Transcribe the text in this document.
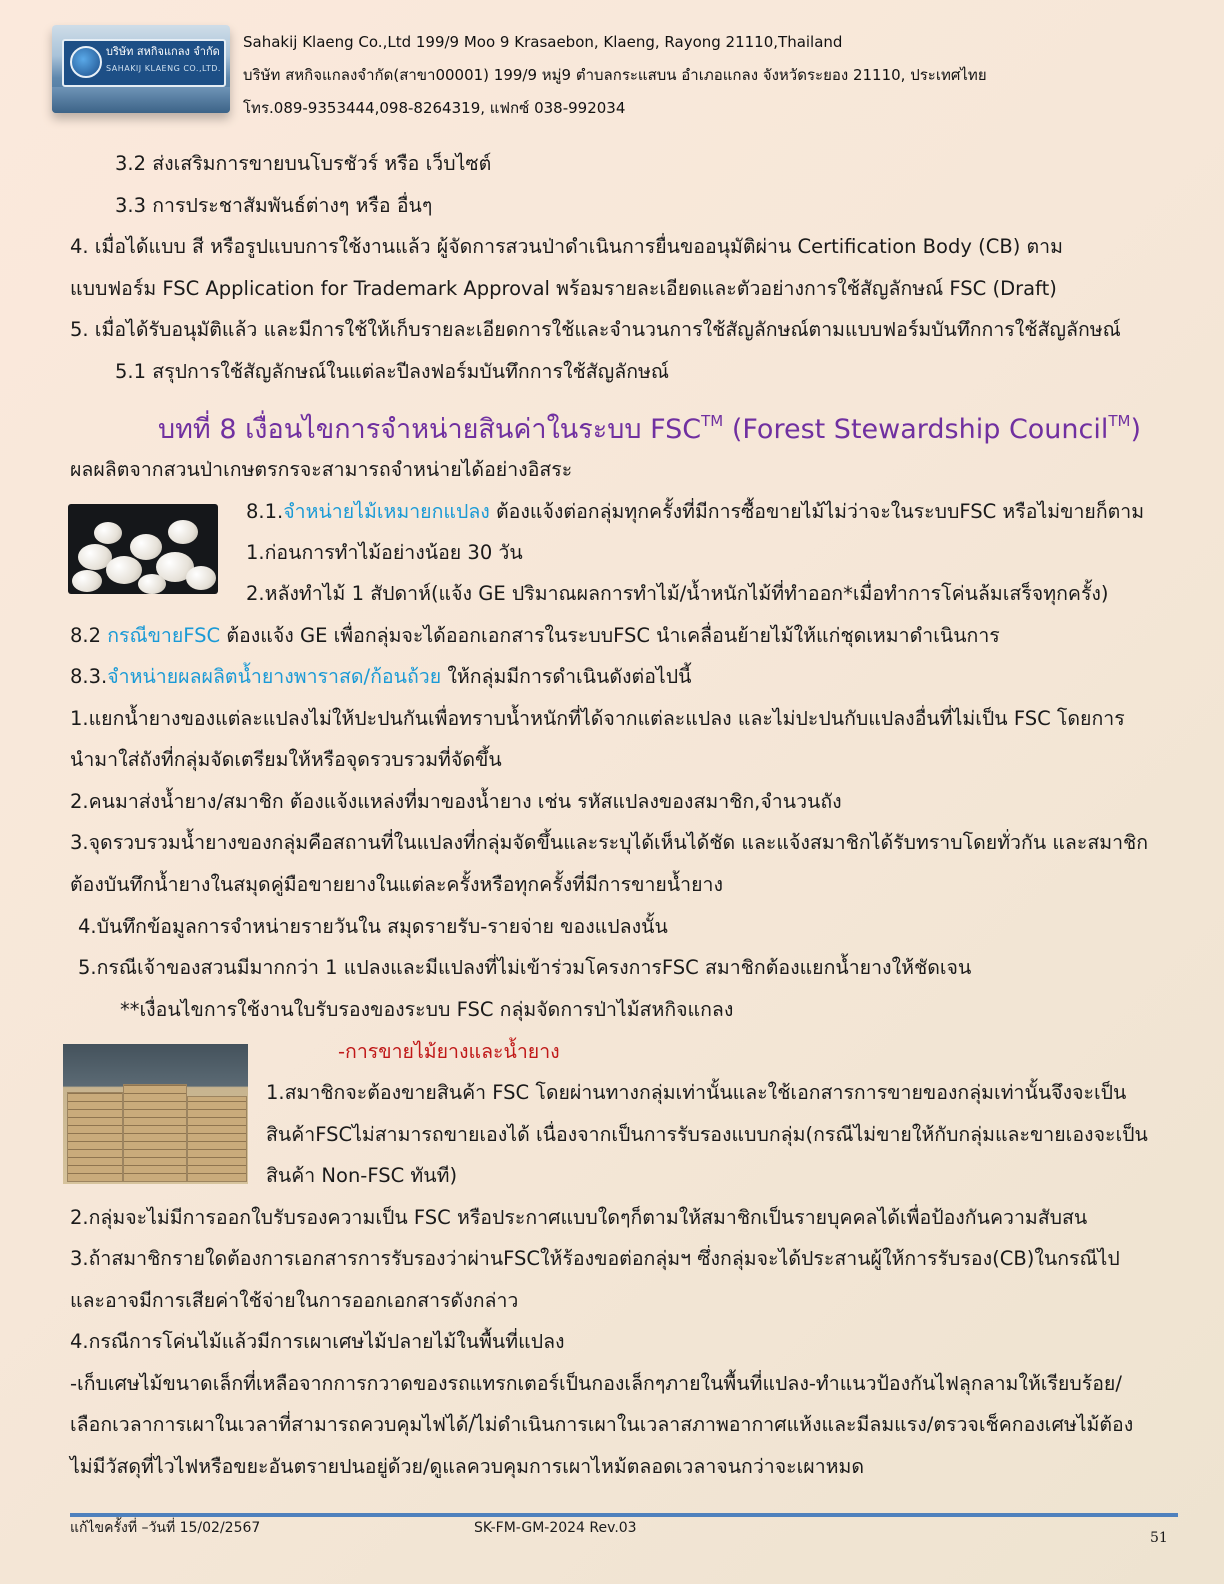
บริษัท สหกิจแกลง จำกัด
SAHAKIJ KLAENG CO.,LTD.
Sahakij Klaeng Co.,Ltd 199/9 Moo 9 Krasaebon, Klaeng, Rayong 21110,Thailand
บริษัท สหกิจแกลงจำกัด(สาขา00001) 199/9 หมู่9 ตำบลกระแสบน อำเภอแกลง จังหวัดระยอง 21110, ประเทศไทย
โทร.089-9353444,098-8264319, แฟกซ์ 038-992034
3.2 ส่งเสริมการขายบนโบรชัวร์ หรือ เว็บไซต์
3.3 การประชาสัมพันธ์ต่างๆ หรือ อื่นๆ
4. เมื่อได้แบบ สี หรือรูปแบบการใช้งานแล้ว ผู้จัดการสวนป่าดำเนินการยื่นขออนุมัติผ่าน Certification Body (CB) ตาม
แบบฟอร์ม FSC Application for Trademark Approval พร้อมรายละเอียดและตัวอย่างการใช้สัญลักษณ์ FSC (Draft)
5. เมื่อได้รับอนุมัติแล้ว และมีการใช้ให้เก็บรายละเอียดการใช้และจำนวนการใช้สัญลักษณ์ตามแบบฟอร์มบันทึกการใช้สัญลักษณ์
5.1 สรุปการใช้สัญลักษณ์ในแต่ละปีลงฟอร์มบันทึกการใช้สัญลักษณ์
บทที่ 8 เงื่อนไขการจำหน่ายสินค่าในระบบ FSC™ (Forest Stewardship Council™)
ผลผลิตจากสวนป่าเกษตรกรจะสามารถจำหน่ายได้อย่างอิสระ
8.1.จำหน่ายไม้เหมายกแปลง ต้องแจ้งต่อกลุ่มทุกครั้งที่มีการซื้อขายไม้ไม่ว่าจะในระบบFSC หรือไม่ขายก็ตาม
1.ก่อนการทำไม้อย่างน้อย 30 วัน
2.หลังทำไม้ 1 สัปดาห์(แจ้ง GE ปริมาณผลการทำไม้/น้ำหนักไม้ที่ทำออก*เมื่อทำการโค่นล้มเสร็จทุกครั้ง)
8.2 กรณีขายFSC ต้องแจ้ง GE เพื่อกลุ่มจะได้ออกเอกสารในระบบFSC นำเคลื่อนย้ายไม้ให้แก่ชุดเหมาดำเนินการ
8.3.จำหน่ายผลผลิตน้ำยางพาราสด/ก้อนถ้วย ให้กลุ่มมีการดำเนินดังต่อไปนี้
1.แยกน้ำยางของแต่ละแปลงไม่ให้ปะปนกันเพื่อทราบน้ำหนักที่ได้จากแต่ละแปลง และไม่ปะปนกับแปลงอื่นที่ไม่เป็น FSC โดยการ
นำมาใส่ถังที่กลุ่มจัดเตรียมให้หรือจุดรวบรวมที่จัดขึ้น
2.คนมาส่งน้ำยาง/สมาชิก ต้องแจ้งแหล่งที่มาของน้ำยาง เช่น รหัสแปลงของสมาชิก,จำนวนถัง
3.จุดรวบรวมน้ำยางของกลุ่มคือสถานที่ในแปลงที่กลุ่มจัดขึ้นและระบุได้เห็นได้ชัด และแจ้งสมาชิกได้รับทราบโดยทั่วกัน และสมาชิก
ต้องบันทึกน้ำยางในสมุดคู่มือขายยางในแต่ละครั้งหรือทุกครั้งที่มีการขายน้ำยาง
4.บันทึกข้อมูลการจำหน่ายรายวันใน สมุดรายรับ-รายจ่าย ของแปลงนั้น
5.กรณีเจ้าของสวนมีมากกว่า 1 แปลงและมีแปลงที่ไม่เข้าร่วมโครงการFSC สมาชิกต้องแยกน้ำยางให้ชัดเจน
**เงื่อนไขการใช้งานใบรับรองของระบบ FSC กลุ่มจัดการป่าไม้สหกิจแกลง
-การขายไม้ยางและน้ำยาง
1.สมาชิกจะต้องขายสินค้า FSC โดยผ่านทางกลุ่มเท่านั้นและใช้เอกสารการขายของกลุ่มเท่านั้นจึงจะเป็น
สินค้าFSCไม่สามารถขายเองได้ เนื่องจากเป็นการรับรองแบบกลุ่ม(กรณีไม่ขายให้กับกลุ่มและขายเองจะเป็น
สินค้า Non-FSC ทันที)
2.กลุ่มจะไม่มีการออกใบรับรองความเป็น FSC หรือประกาศแบบใดๆก็ตามให้สมาชิกเป็นรายบุคคลได้เพื่อป้องกันความสับสน
3.ถ้าสมาชิกรายใดต้องการเอกสารการรับรองว่าผ่านFSCให้ร้องขอต่อกลุ่มฯ ซึ่งกลุ่มจะได้ประสานผู้ให้การรับรอง(CB)ในกรณีไป
และอาจมีการเสียค่าใช้จ่ายในการออกเอกสารดังกล่าว
4.กรณีการโค่นไม้แล้วมีการเผาเศษไม้ปลายไม้ในพื้นที่แปลง
-เก็บเศษไม้ขนาดเล็กที่เหลือจากการกวาดของรถแทรกเตอร์เป็นกองเล็กๆภายในพื้นที่แปลง-ทำแนวป้องกันไฟลุกลามให้เรียบร้อย/
เลือกเวลาการเผาในเวลาที่สามารถควบคุมไฟได้/ไม่ดำเนินการเผาในเวลาสภาพอากาศแห้งและมีลมแรง/ตรวจเช็คกองเศษไม้ต้อง
ไม่มีวัสดุที่ไวไฟหรือขยะอันตรายปนอยู่ด้วย/ดูแลควบคุมการเผาไหม้ตลอดเวลาจนกว่าจะเผาหมด
แก้ไขครั้งที่ –วันที่ 15/02/2567	SK-FM-GM-2024 Rev.03
51
